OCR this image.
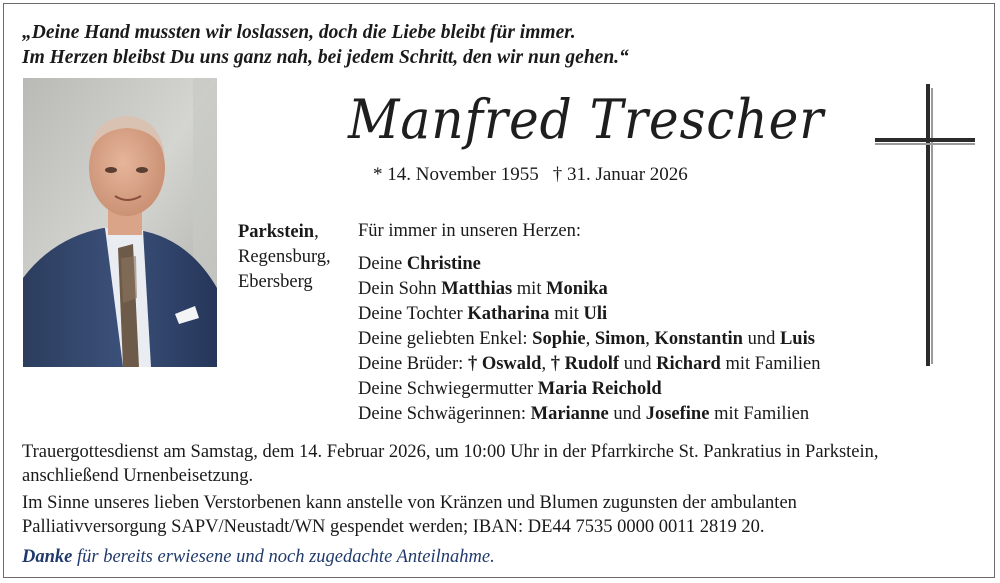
„Deine Hand mussten wir loslassen, doch die Liebe bleibt für immer.
Im Herzen bleibst Du uns ganz nah, bei jedem Schritt, den wir nun gehen.“
Manfred Trescher
* 14. November 1955 † 31. Januar 2026
Parkstein,
Regensburg,
Ebersberg
Für immer in unseren Herzen:
Deine Christine
Dein Sohn Matthias mit Monika
Deine Tochter Katharina mit Uli
Deine geliebten Enkel: Sophie, Simon, Konstantin und Luis
Deine Brüder: † Oswald, † Rudolf und Richard mit Familien
Deine Schwiegermutter Maria Reichold
Deine Schwägerinnen: Marianne und Josefine mit Familien
Trauergottesdienst am Samstag, dem 14. Februar 2026, um 10:00 Uhr in der Pfarrkirche St. Pankratius in Parkstein,
anschließend Urnenbeisetzung.
Im Sinne unseres lieben Verstorbenen kann anstelle von Kränzen und Blumen zugunsten der ambulanten
Palliativversorgung SAPV/Neustadt/WN gespendet werden; IBAN: DE44 7535 0000 0011 2819 20.
Danke für bereits erwiesene und noch zugedachte Anteilnahme.
